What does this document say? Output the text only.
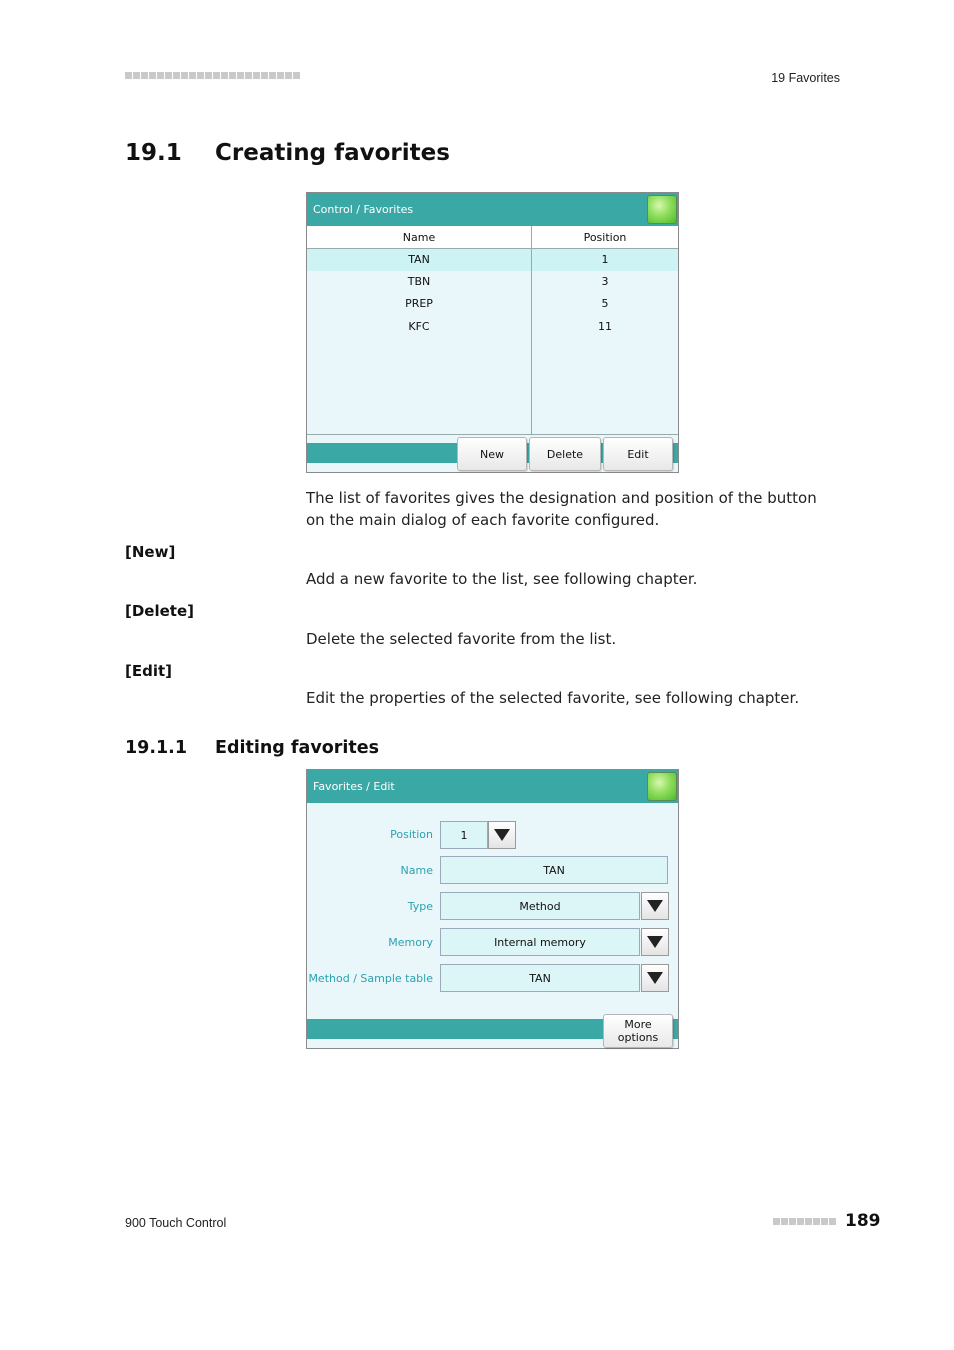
19 Favorites
19.1 Creating favorites
Control / Favorites
Name	Position
TAN	1
TBN	3
PREP	5
KFC	11
New	Delete	Edit
The list of favorites gives the designation and position of the button on the main dialog of each favorite configured.
[New]
Add a new favorite to the list, see following chapter.
[Delete]
Delete the selected favorite from the list.
[Edit]
Edit the properties of the selected favorite, see following chapter.
19.1.1 Editing favorites
Favorites / Edit
Position	1
Name	TAN
Type	Method
Memory	Internal memory
Method / Sample table	TAN
More options
900 Touch Control	189
